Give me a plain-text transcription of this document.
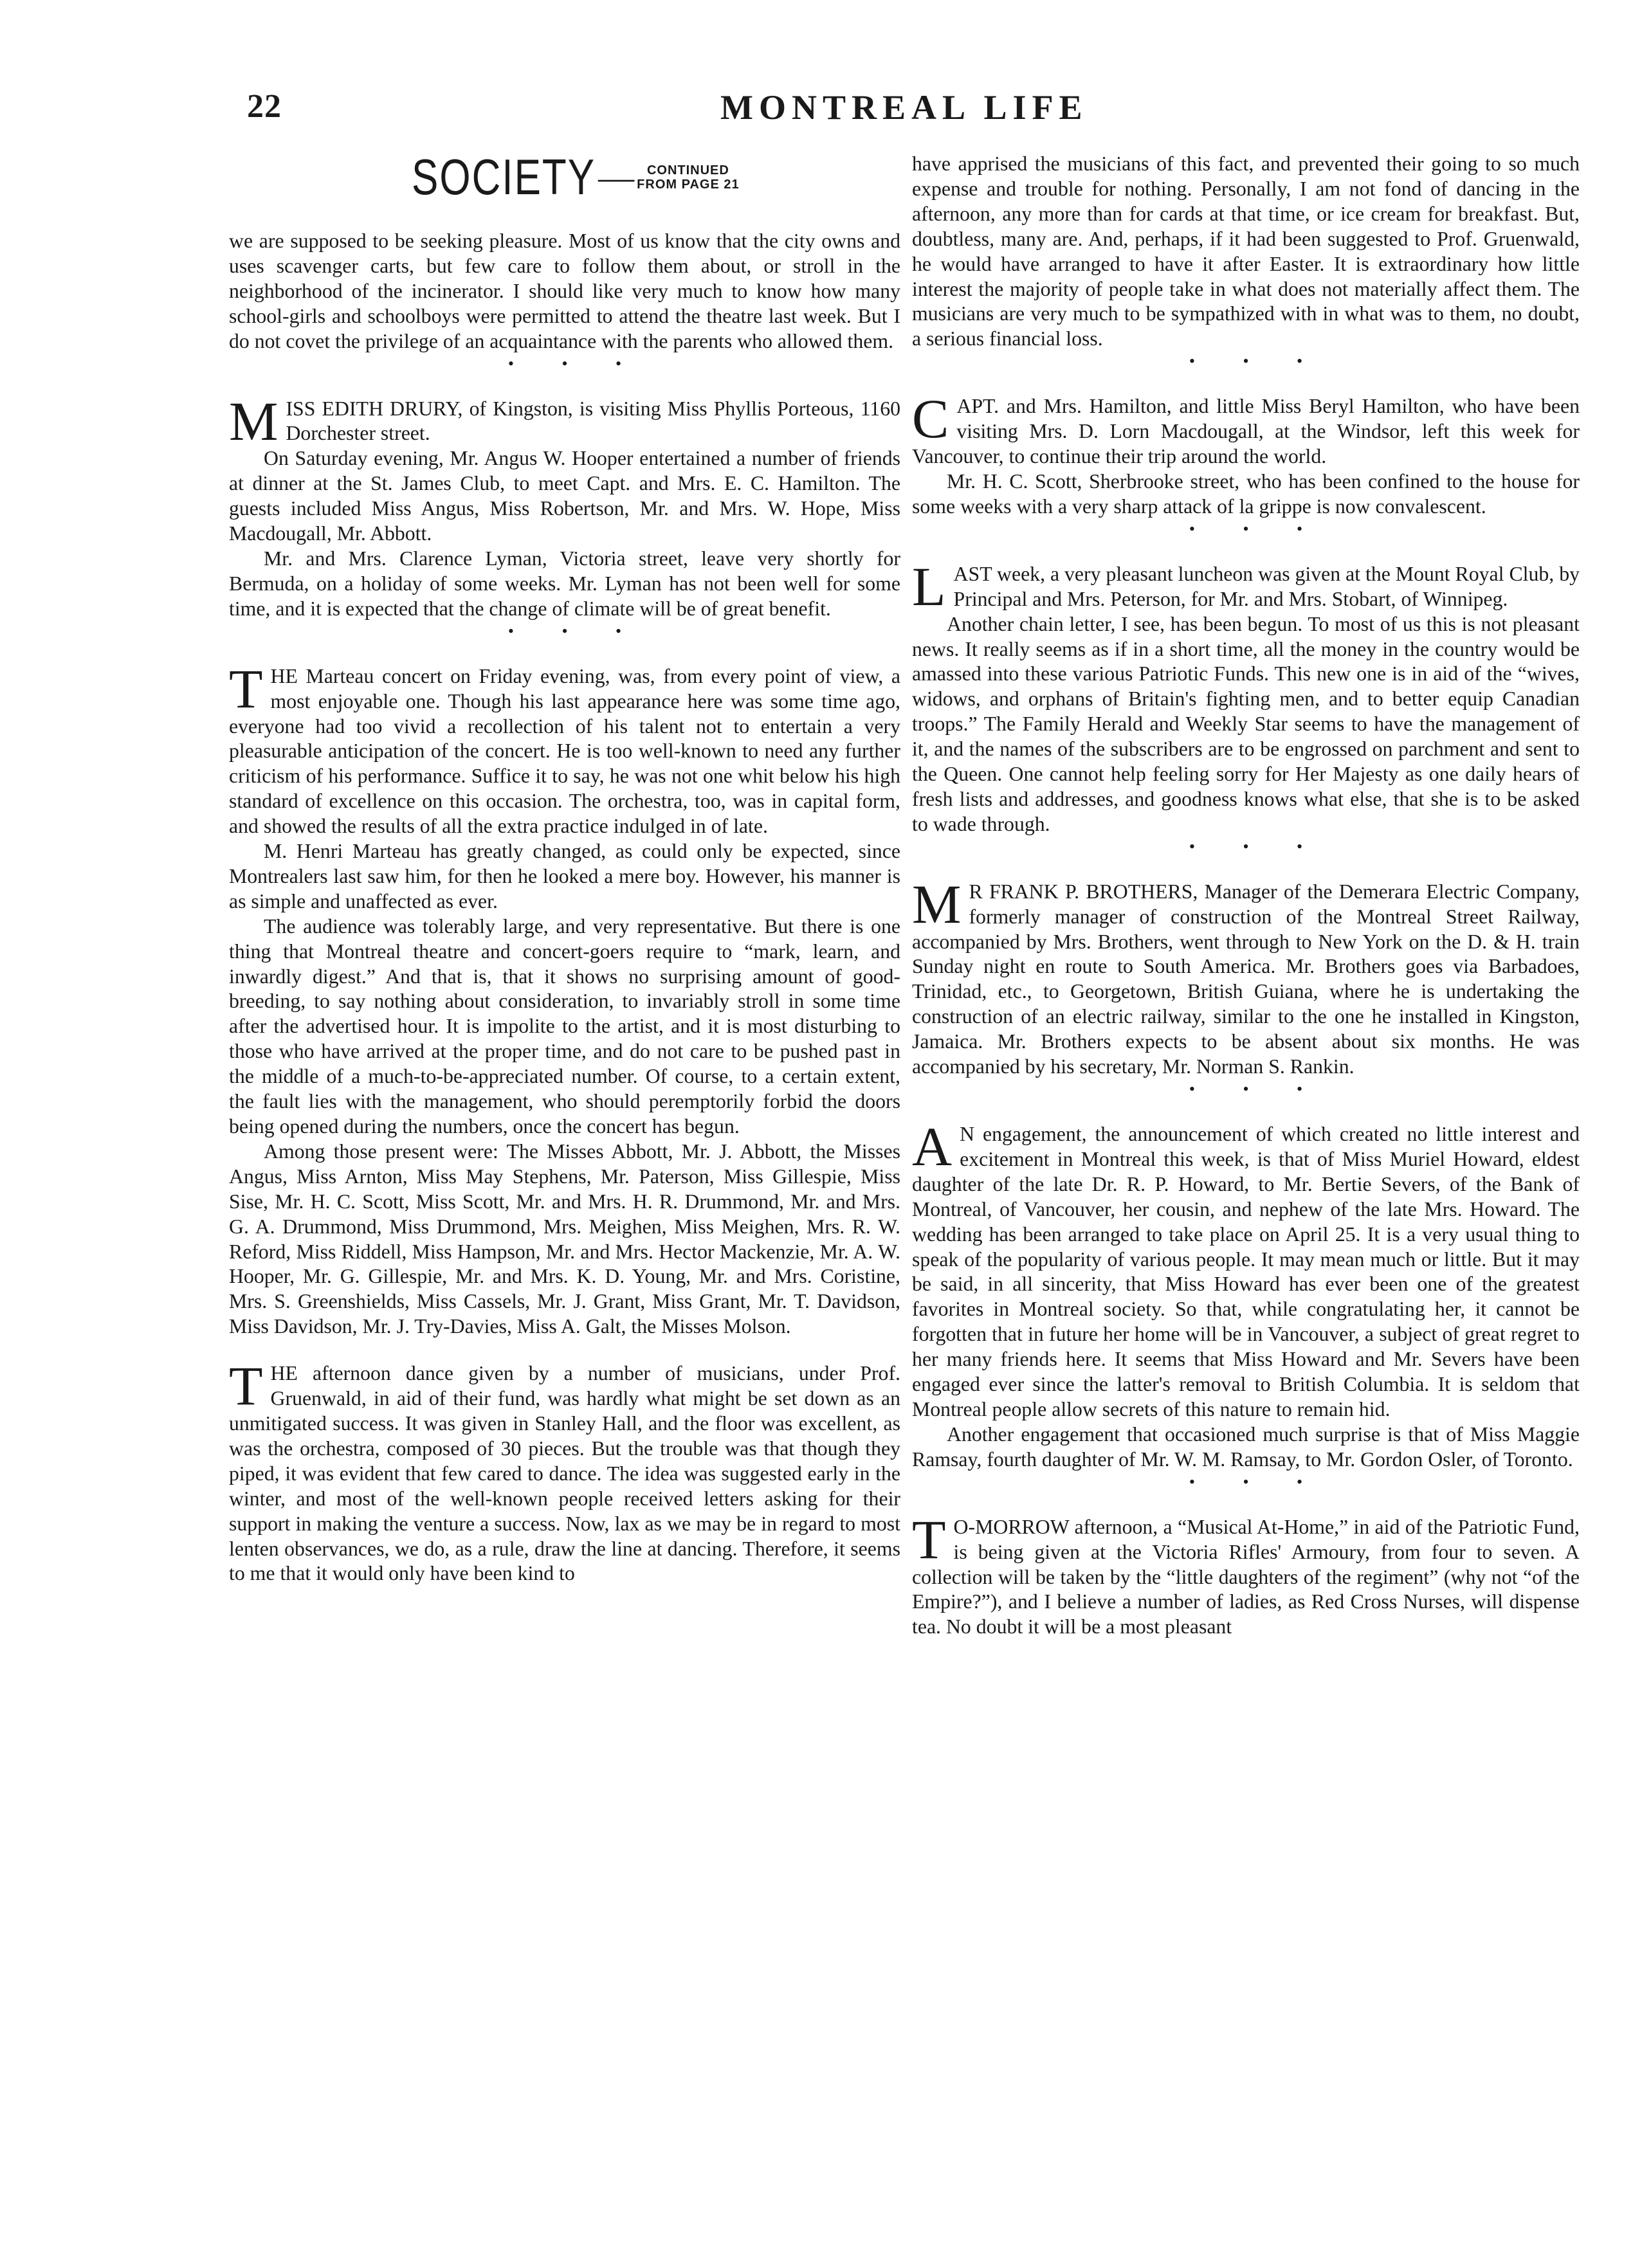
22	MONTREAL LIFE
SOCIETY — CONTINUED
FROM PAGE 21

we are supposed to be seeking pleasure. Most of us know that the city owns and uses scavenger carts, but few care to follow them about, or stroll in the neighborhood of the incinerator. I should like very much to know how many school-girls and schoolboys were permitted to attend the theatre last week. But I do not covet the privilege of an acquaintance with the parents who allowed them.

• • •

MISS EDITH DRURY, of Kingston, is visiting Miss Phyllis Porteous, 1160 Dorchester street.

On Saturday evening, Mr. Angus W. Hooper entertained a number of friends at dinner at the St. James Club, to meet Capt. and Mrs. E. C. Hamilton. The guests included Miss Angus, Miss Robertson, Mr. and Mrs. W. Hope, Miss Macdougall, Mr. Abbott.

Mr. and Mrs. Clarence Lyman, Victoria street, leave very shortly for Bermuda, on a holiday of some weeks. Mr. Lyman has not been well for some time, and it is expected that the change of climate will be of great benefit.

• • •

THE Marteau concert on Friday evening, was, from every point of view, a most enjoyable one. Though his last appearance here was some time ago, everyone had too vivid a recollection of his talent not to entertain a very pleasurable anticipation of the concert. He is too well-known to need any further criticism of his performance. Suffice it to say, he was not one whit below his high standard of excellence on this occasion. The orchestra, too, was in capital form, and showed the results of all the extra practice indulged in of late.

M. Henri Marteau has greatly changed, as could only be expected, since Montrealers last saw him, for then he looked a mere boy. However, his manner is as simple and unaffected as ever.

The audience was tolerably large, and very representative. But there is one thing that Montreal theatre and concert-goers require to “mark, learn, and inwardly digest.” And that is, that it shows no surprising amount of good-breeding, to say nothing about consideration, to invariably stroll in some time after the advertised hour. It is impolite to the artist, and it is most disturbing to those who have arrived at the proper time, and do not care to be pushed past in the middle of a much-to-be-appreciated number. Of course, to a certain extent, the fault lies with the management, who should peremptorily forbid the doors being opened during the numbers, once the concert has begun.

Among those present were: The Misses Abbott, Mr. J. Abbott, the Misses Angus, Miss Arnton, Miss May Stephens, Mr. Paterson, Miss Gillespie, Miss Sise, Mr. H. C. Scott, Miss Scott, Mr. and Mrs. H. R. Drummond, Mr. and Mrs. G. A. Drummond, Miss Drummond, Mrs. Meighen, Miss Meighen, Mrs. R. W. Reford, Miss Riddell, Miss Hampson, Mr. and Mrs. Hector Mackenzie, Mr. A. W. Hooper, Mr. G. Gillespie, Mr. and Mrs. K. D. Young, Mr. and Mrs. Coristine, Mrs. S. Greenshields, Miss Cassels, Mr. J. Grant, Miss Grant, Mr. T. Davidson, Miss Davidson, Mr. J. Try-Davies, Miss A. Galt, the Misses Molson.

THE afternoon dance given by a number of musicians, under Prof. Gruenwald, in aid of their fund, was hardly what might be set down as an unmitigated success. It was given in Stanley Hall, and the floor was excellent, as was the orchestra, composed of 30 pieces. But the trouble was that though they piped, it was evident that few cared to dance. The idea was suggested early in the winter, and most of the well-known people received letters asking for their support in making the venture a success. Now, lax as we may be in regard to most lenten observances, we do, as a rule, draw the line at dancing. Therefore, it seems to me that it would only have been kind to

have apprised the musicians of this fact, and prevented their going to so much expense and trouble for nothing. Personally, I am not fond of dancing in the afternoon, any more than for cards at that time, or ice cream for breakfast. But, doubtless, many are. And, perhaps, if it had been suggested to Prof. Gruenwald, he would have arranged to have it after Easter. It is extraordinary how little interest the majority of people take in what does not materially affect them. The musicians are very much to be sympathized with in what was to them, no doubt, a serious financial loss.

• • •

CAPT. and Mrs. Hamilton, and little Miss Beryl Hamilton, who have been visiting Mrs. D. Lorn Macdougall, at the Windsor, left this week for Vancouver, to continue their trip around the world.

Mr. H. C. Scott, Sherbrooke street, who has been confined to the house for some weeks with a very sharp attack of la grippe is now convalescent.

• • •

LAST week, a very pleasant luncheon was given at the Mount Royal Club, by Principal and Mrs. Peterson, for Mr. and Mrs. Stobart, of Winnipeg.

Another chain letter, I see, has been begun. To most of us this is not pleasant news. It really seems as if in a short time, all the money in the country would be amassed into these various Patriotic Funds. This new one is in aid of the “wives, widows, and orphans of Britain's fighting men, and to better equip Canadian troops.” The Family Herald and Weekly Star seems to have the management of it, and the names of the subscribers are to be engrossed on parchment and sent to the Queen. One cannot help feeling sorry for Her Majesty as one daily hears of fresh lists and addresses, and goodness knows what else, that she is to be asked to wade through.

• • •

M R FRANK P. BROTHERS, Manager of the Demerara Electric Company, formerly manager of construction of the Montreal Street Railway, accompanied by Mrs. Brothers, went through to New York on the D. & H. train Sunday night en route to South America. Mr. Brothers goes via Barbadoes, Trinidad, etc., to Georgetown, British Guiana, where he is undertaking the construction of an electric railway, similar to the one he installed in Kingston, Jamaica. Mr. Brothers expects to be absent about six months. He was accompanied by his secretary, Mr. Norman S. Rankin.

• • •

A N engagement, the announcement of which created no little interest and excitement in Montreal this week, is that of Miss Muriel Howard, eldest daughter of the late Dr. R. P. Howard, to Mr. Bertie Severs, of the Bank of Montreal, of Vancouver, her cousin, and nephew of the late Mrs. Howard. The wedding has been arranged to take place on April 25. It is a very usual thing to speak of the popularity of various people. It may mean much or little. But it may be said, in all sincerity, that Miss Howard has ever been one of the greatest favorites in Montreal society. So that, while congratulating her, it cannot be forgotten that in future her home will be in Vancouver, a subject of great regret to her many friends here. It seems that Miss Howard and Mr. Severs have been engaged ever since the latter's removal to British Columbia. It is seldom that Montreal people allow secrets of this nature to remain hid.

Another engagement that occasioned much surprise is that of Miss Maggie Ramsay, fourth daughter of Mr. W. M. Ramsay, to Mr. Gordon Osler, of Toronto.

• • •

T O-MORROW afternoon, a “Musical At-Home,” in aid of the Patriotic Fund, is being given at the Victoria Rifles' Armoury, from four to seven. A collection will be taken by the “little daughters of the regiment” (why not “of the Empire?”), and I believe a number of ladies, as Red Cross Nurses, will dispense tea. No doubt it will be a most pleasant
